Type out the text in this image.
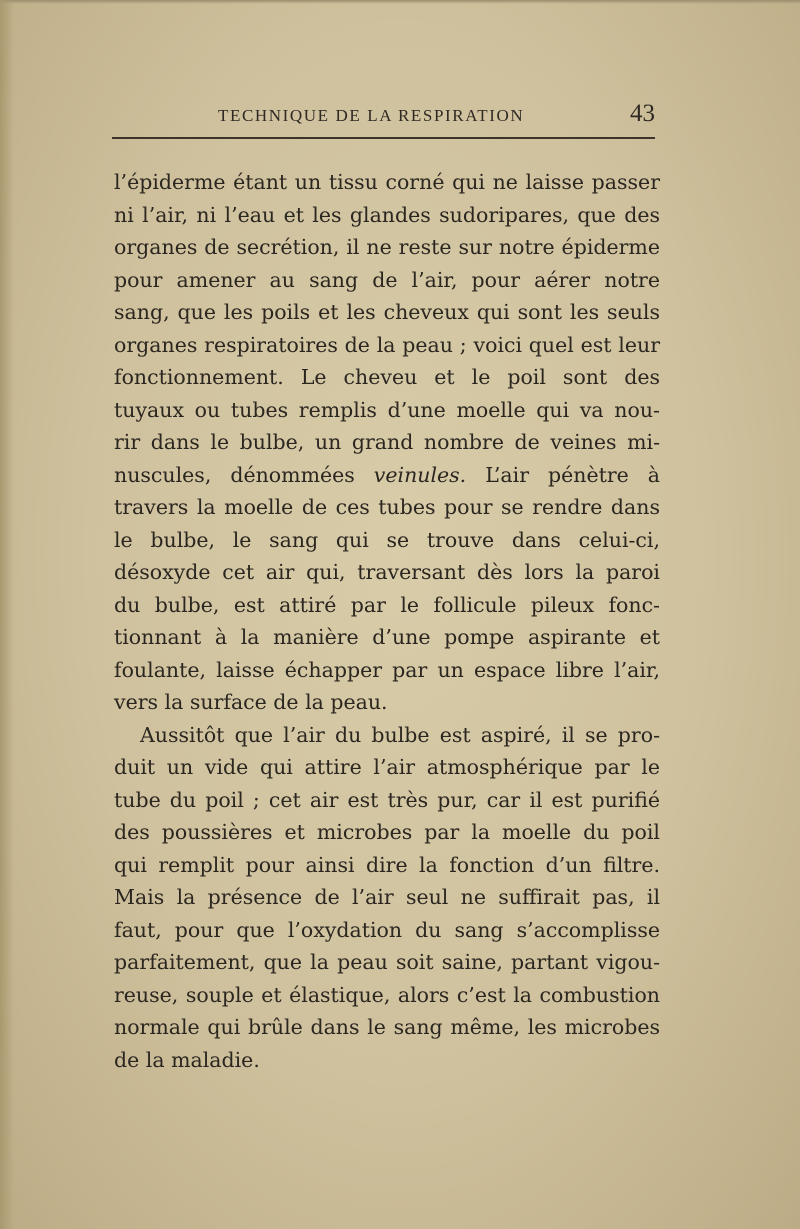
TECHNIQUE DE LA RESPIRATION	43
l’épiderme étant un tissu corné qui ne laisse passer
ni l’air, ni l’eau et les glandes sudoripares, que des
organes de secrétion, il ne reste sur notre épiderme
pour amener au sang de l’air, pour aérer notre
sang, que les poils et les cheveux qui sont les seuls
organes respiratoires de la peau ; voici quel est leur
fonctionnement. Le cheveu et le poil sont des
tuyaux ou tubes remplis d’une moelle qui va nou-
rir dans le bulbe, un grand nombre de veines mi-
nuscules, dénommées veinules. L’air pénètre à
travers la moelle de ces tubes pour se rendre dans
le bulbe, le sang qui se trouve dans celui-ci,
désoxyde cet air qui, traversant dès lors la paroi
du bulbe, est attiré par le follicule pileux fonc-
tionnant à la manière d’une pompe aspirante et
foulante, laisse échapper par un espace libre l’air,
vers la surface de la peau.
Aussitôt que l’air du bulbe est aspiré, il se pro-
duit un vide qui attire l’air atmosphérique par le
tube du poil ; cet air est très pur, car il est purifié
des poussières et microbes par la moelle du poil
qui remplit pour ainsi dire la fonction d’un filtre.
Mais la présence de l’air seul ne suffirait pas, il
faut, pour que l’oxydation du sang s’accomplisse
parfaitement, que la peau soit saine, partant vigou-
reuse, souple et élastique, alors c’est la combustion
normale qui brûle dans le sang même, les microbes
de la maladie.
